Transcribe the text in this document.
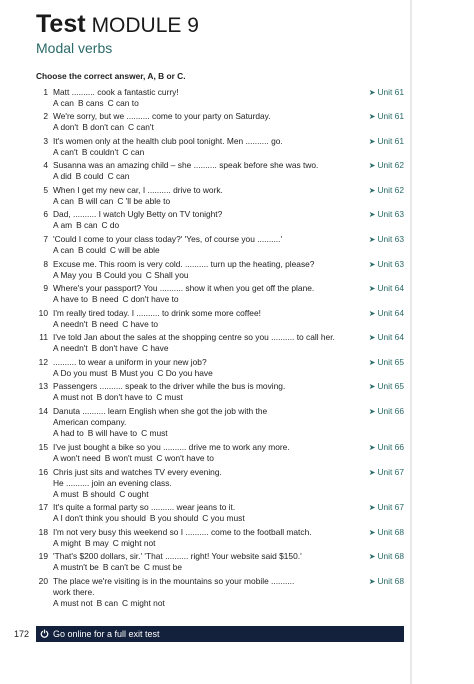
Test MODULE 9
Modal verbs
Choose the correct answer, A, B or C.
1 Matt .......... cook a fantastic curry!
A can B cans C can to
➤ Unit 61
2 We're sorry, but we .......... come to your party on Saturday.
A don't B don't can C can't
➤ Unit 61
3 It's women only at the health club pool tonight. Men .......... go.
A can't B couldn't C can
➤ Unit 61
4 Susanna was an amazing child – she .......... speak before she was two.
A did B could C can
➤ Unit 62
5 When I get my new car, I .......... drive to work.
A can B will can C 'll be able to
➤ Unit 62
6 Dad, .......... I watch Ugly Betty on TV tonight?
A am B can C do
➤ Unit 63
7 'Could I come to your class today?' 'Yes, of course you ..........'
A can B could C will be able
➤ Unit 63
8 Excuse me. This room is very cold. .......... turn up the heating, please?
A May you B Could you C Shall you
➤ Unit 63
9 Where's your passport? You .......... show it when you get off the plane.
A have to B need C don't have to
➤ Unit 64
10 I'm really tired today. I .......... to drink some more coffee!
A needn't B need C have to
➤ Unit 64
11 I've told Jan about the sales at the shopping centre so you .......... to call her.
A needn't B don't have C have
➤ Unit 64
12 .......... to wear a uniform in your new job?
A Do you must B Must you C Do you have
➤ Unit 65
13 Passengers .......... speak to the driver while the bus is moving.
A must not B don't have to C must
➤ Unit 65
14 Danuta .......... learn English when she got the job with the
American company.
A had to B will have to C must
➤ Unit 66
15 I've just bought a bike so you .......... drive me to work any more.
A won't need B won't must C won't have to
➤ Unit 66
16 Chris just sits and watches TV every evening.
He .......... join an evening class.
A must B should C ought
➤ Unit 67
17 It's quite a formal party so .......... wear jeans to it.
A I don't think you should B you should C you must
➤ Unit 67
18 I'm not very busy this weekend so I .......... come to the football match.
A might B may C might not
➤ Unit 68
19 'That's $200 dollars, sir.' 'That .......... right! Your website said $150.'
A mustn't be B can't be C must be
➤ Unit 68
20 The place we're visiting is in the mountains so your mobile ..........
work there.
A must not B can C might not
➤ Unit 68
172	Go online for a full exit test
